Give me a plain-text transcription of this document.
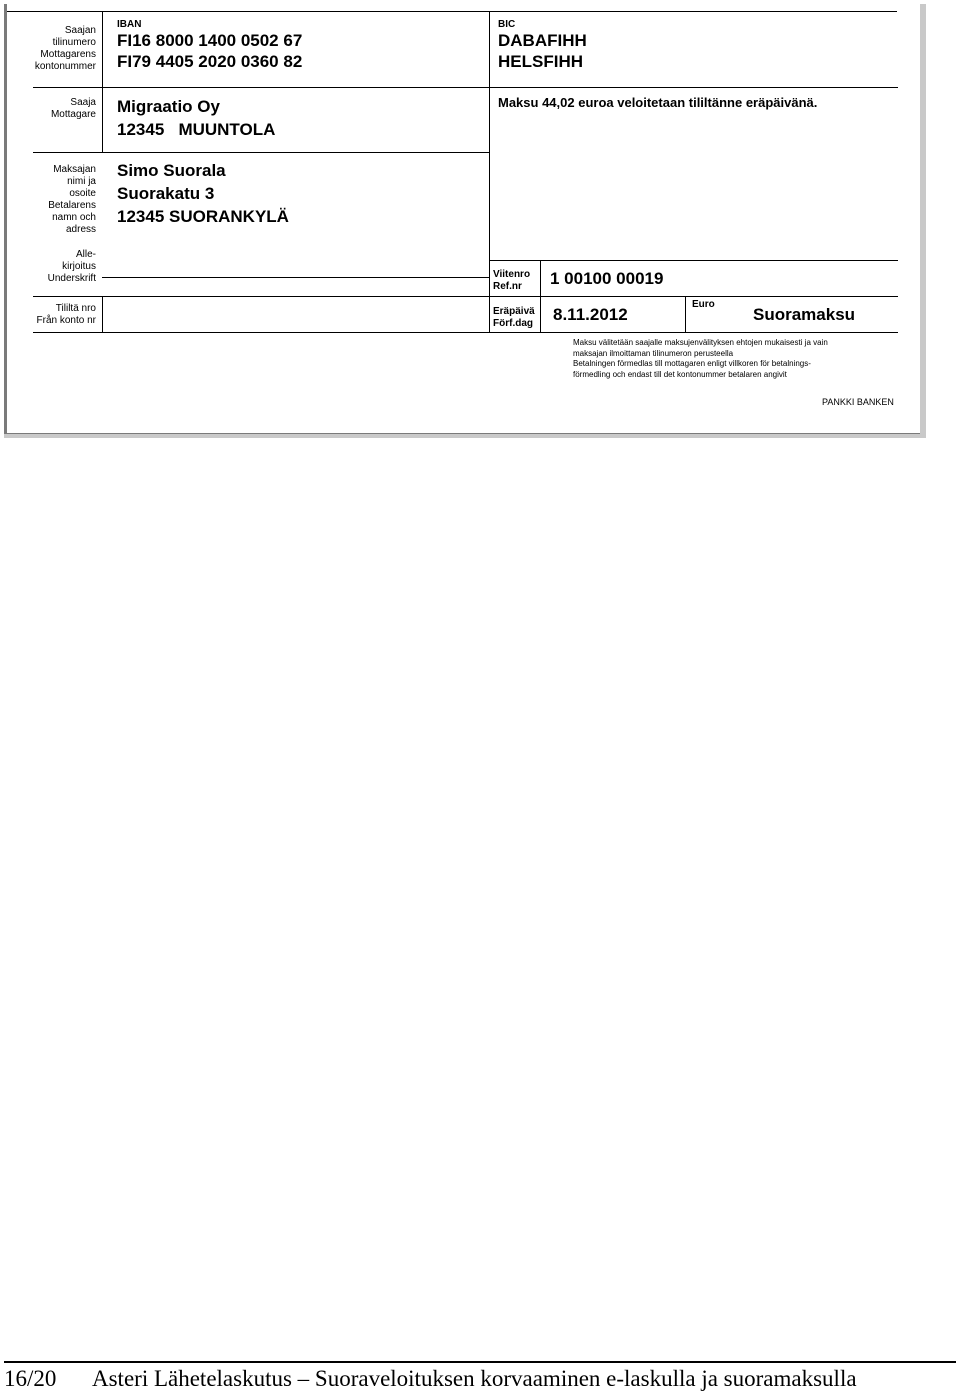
Saajan
tilinumero
Mottagarens
kontonummer
IBAN
FI16 8000 1400 0502 67
FI79 4405 2020 0360 82
BIC
DABAFIHH
HELSFIHH
Saaja
Mottagare Migraatio Oy
12345   MUUNTOLA
Maksu 44,02 euroa veloitetaan tililtänne eräpäivänä.
Maksajan
nimi ja
osoite
Betalarens
namn och
adress
Simo Suorala
Suorakatu 3
12345 SUORANKYLÄ
Alle-
kirjoitus
Underskrift	Viitenro
Ref.nr	1 00100 00019
Tililtä nro
Från konto nr
Eräpäivä
Förf.dag 8.11.2012
Euro
Suoramaksu
Maksu välitetään saajalle maksujenvälityksen ehtojen mukaisesti ja vain
maksajan ilmoittaman tilinumeron perusteella
Betalningen förmedlas till mottagaren enligt villkoren för betalnings-
förmedling och endast till det kontonummer betalaren angivit
PANKKI BANKEN
16/20 Asteri Lähetelaskutus – Suoraveloituksen korvaaminen e-laskulla ja suoramaksulla
